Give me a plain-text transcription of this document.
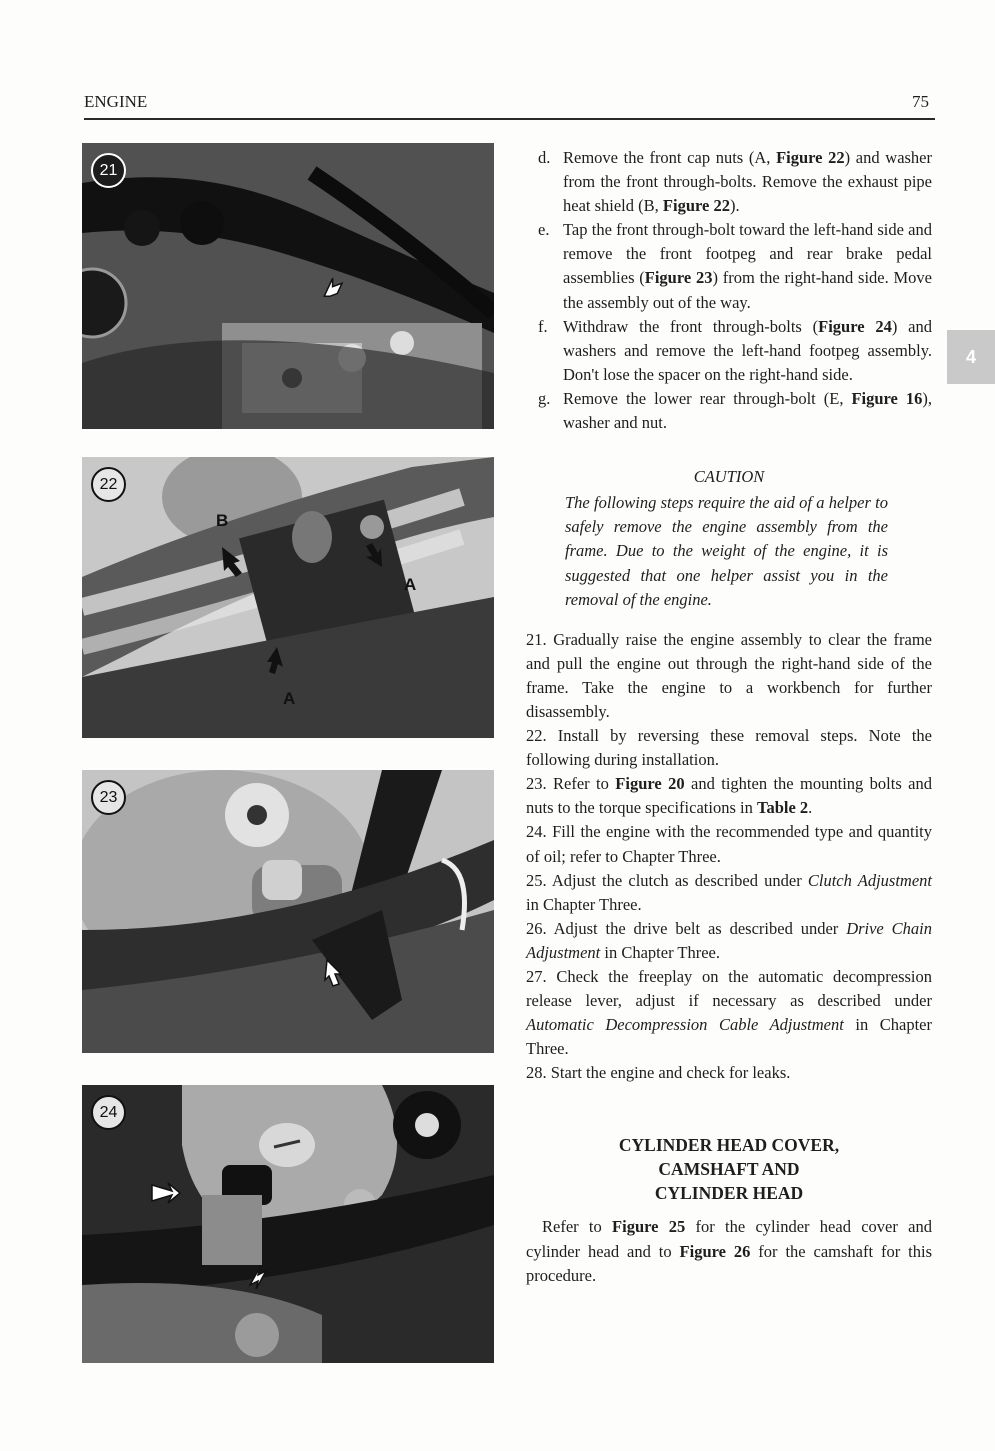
ENGINE	75
21
22
B
A
A
23
24
d. Remove the front cap nuts (A, Figure 22) and washer from the front through-bolts. Remove the exhaust pipe heat shield (B, Figure 22).
e. Tap the front through-bolt toward the left-hand side and remove the front footpeg and rear brake pedal assemblies (Figure 23) from the right-hand side. Move the assembly out of the way.
f. Withdraw the front through-bolts (Figure 24) and washers and remove the left-hand footpeg assembly. Don't lose the spacer on the right-hand side.
g. Remove the lower rear through-bolt (E, Figure 16), washer and nut.
CAUTION
The following steps require the aid of a helper to safely remove the engine assembly from the frame. Due to the weight of the engine, it is suggested that one helper assist you in the removal of the engine.
21. Gradually raise the engine assembly to clear the frame and pull the engine out through the right-hand side of the frame. Take the engine to a workbench for further disassembly.
22. Install by reversing these removal steps. Note the following during installation.
23. Refer to Figure 20 and tighten the mounting bolts and nuts to the torque specifications in Table 2.
24. Fill the engine with the recommended type and quantity of oil; refer to Chapter Three.
25. Adjust the clutch as described under Clutch Adjustment in Chapter Three.
26. Adjust the drive belt as described under Drive Chain Adjustment in Chapter Three.
27. Check the freeplay on the automatic decompression release lever, adjust if necessary as described under Automatic Decompression Cable Adjustment in Chapter Three.
28. Start the engine and check for leaks.
CYLINDER HEAD COVER,
CAMSHAFT AND
CYLINDER HEAD
Refer to Figure 25 for the cylinder head cover and cylinder head and to Figure 26 for the camshaft for this procedure.
4
